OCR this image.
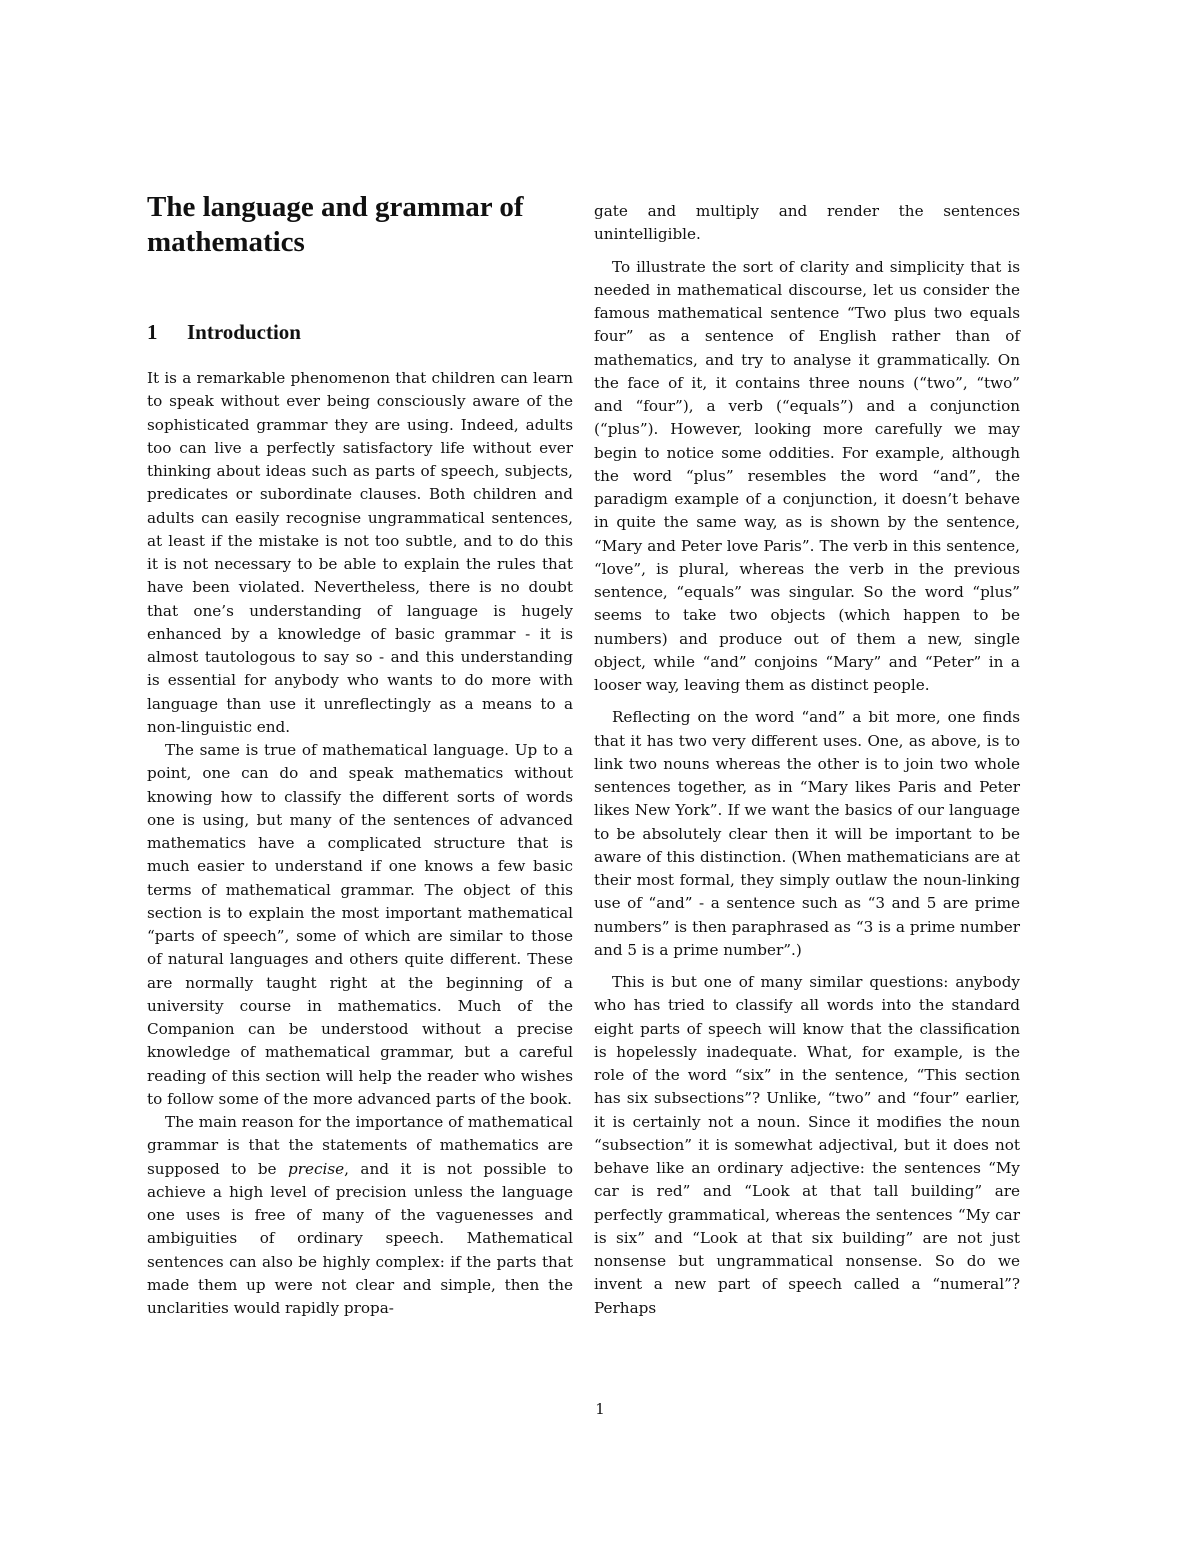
The language and grammar of mathematics
1 Introduction

It is a remarkable phenomenon that children can learn to speak without ever being consciously aware of the sophisticated grammar they are using. Indeed, adults too can live a perfectly satisfactory life without ever thinking about ideas such as parts of speech, subjects, predicates or subordinate clauses. Both children and adults can easily recognise ungrammatical sentences, at least if the mistake is not too subtle, and to do this it is not necessary to be able to explain the rules that have been violated. Nevertheless, there is no doubt that one’s understanding of language is hugely enhanced by a knowledge of basic grammar - it is almost tautologous to say so - and this understanding is essential for anybody who wants to do more with language than use it unreflectingly as a means to a non-linguistic end.

The same is true of mathematical language. Up to a point, one can do and speak mathematics without knowing how to classify the different sorts of words one is using, but many of the sentences of advanced mathematics have a complicated structure that is much easier to understand if one knows a few basic terms of mathematical grammar. The object of this section is to explain the most important mathematical “parts of speech”, some of which are similar to those of natural languages and others quite different. These are normally taught right at the beginning of a university course in mathematics. Much of the Companion can be understood without a precise knowledge of mathematical grammar, but a careful reading of this section will help the reader who wishes to follow some of the more advanced parts of the book.

The main reason for the importance of mathematical grammar is that the statements of mathematics are supposed to be precise, and it is not possible to achieve a high level of precision unless the language one uses is free of many of the vaguenesses and ambiguities of ordinary speech. Mathematical sentences can also be highly complex: if the parts that made them up were not clear and simple, then the unclarities would rapidly propa-

gate and multiply and render the sentences unintelligible.

To illustrate the sort of clarity and simplicity that is needed in mathematical discourse, let us consider the famous mathematical sentence “Two plus two equals four” as a sentence of English rather than of mathematics, and try to analyse it grammatically. On the face of it, it contains three nouns (“two”, “two” and “four”), a verb (“equals”) and a conjunction (“plus”). However, looking more carefully we may begin to notice some oddities. For example, although the word “plus” resembles the word “and”, the paradigm example of a conjunction, it doesn’t behave in quite the same way, as is shown by the sentence, “Mary and Peter love Paris”. The verb in this sentence, “love”, is plural, whereas the verb in the previous sentence, “equals” was singular. So the word “plus” seems to take two objects (which happen to be numbers) and produce out of them a new, single object, while “and” conjoins “Mary” and “Peter” in a looser way, leaving them as distinct people.

Reflecting on the word “and” a bit more, one finds that it has two very different uses. One, as above, is to link two nouns whereas the other is to join two whole sentences together, as in “Mary likes Paris and Peter likes New York”. If we want the basics of our language to be absolutely clear then it will be important to be aware of this distinction. (When mathematicians are at their most formal, they simply outlaw the noun-linking use of “and” - a sentence such as “3 and 5 are prime numbers” is then paraphrased as “3 is a prime number and 5 is a prime number”.)

This is but one of many similar questions: anybody who has tried to classify all words into the standard eight parts of speech will know that the classification is hopelessly inadequate. What, for example, is the role of the word “six” in the sentence, “This section has six subsections”? Unlike, “two” and “four” earlier, it is certainly not a noun. Since it modifies the noun “subsection” it is somewhat adjectival, but it does not behave like an ordinary adjective: the sentences “My car is red” and “Look at that tall building” are perfectly grammatical, whereas the sentences “My car is six” and “Look at that six building” are not just nonsense but ungrammatical nonsense. So do we invent a new part of speech called a “numeral”? Perhaps

1
